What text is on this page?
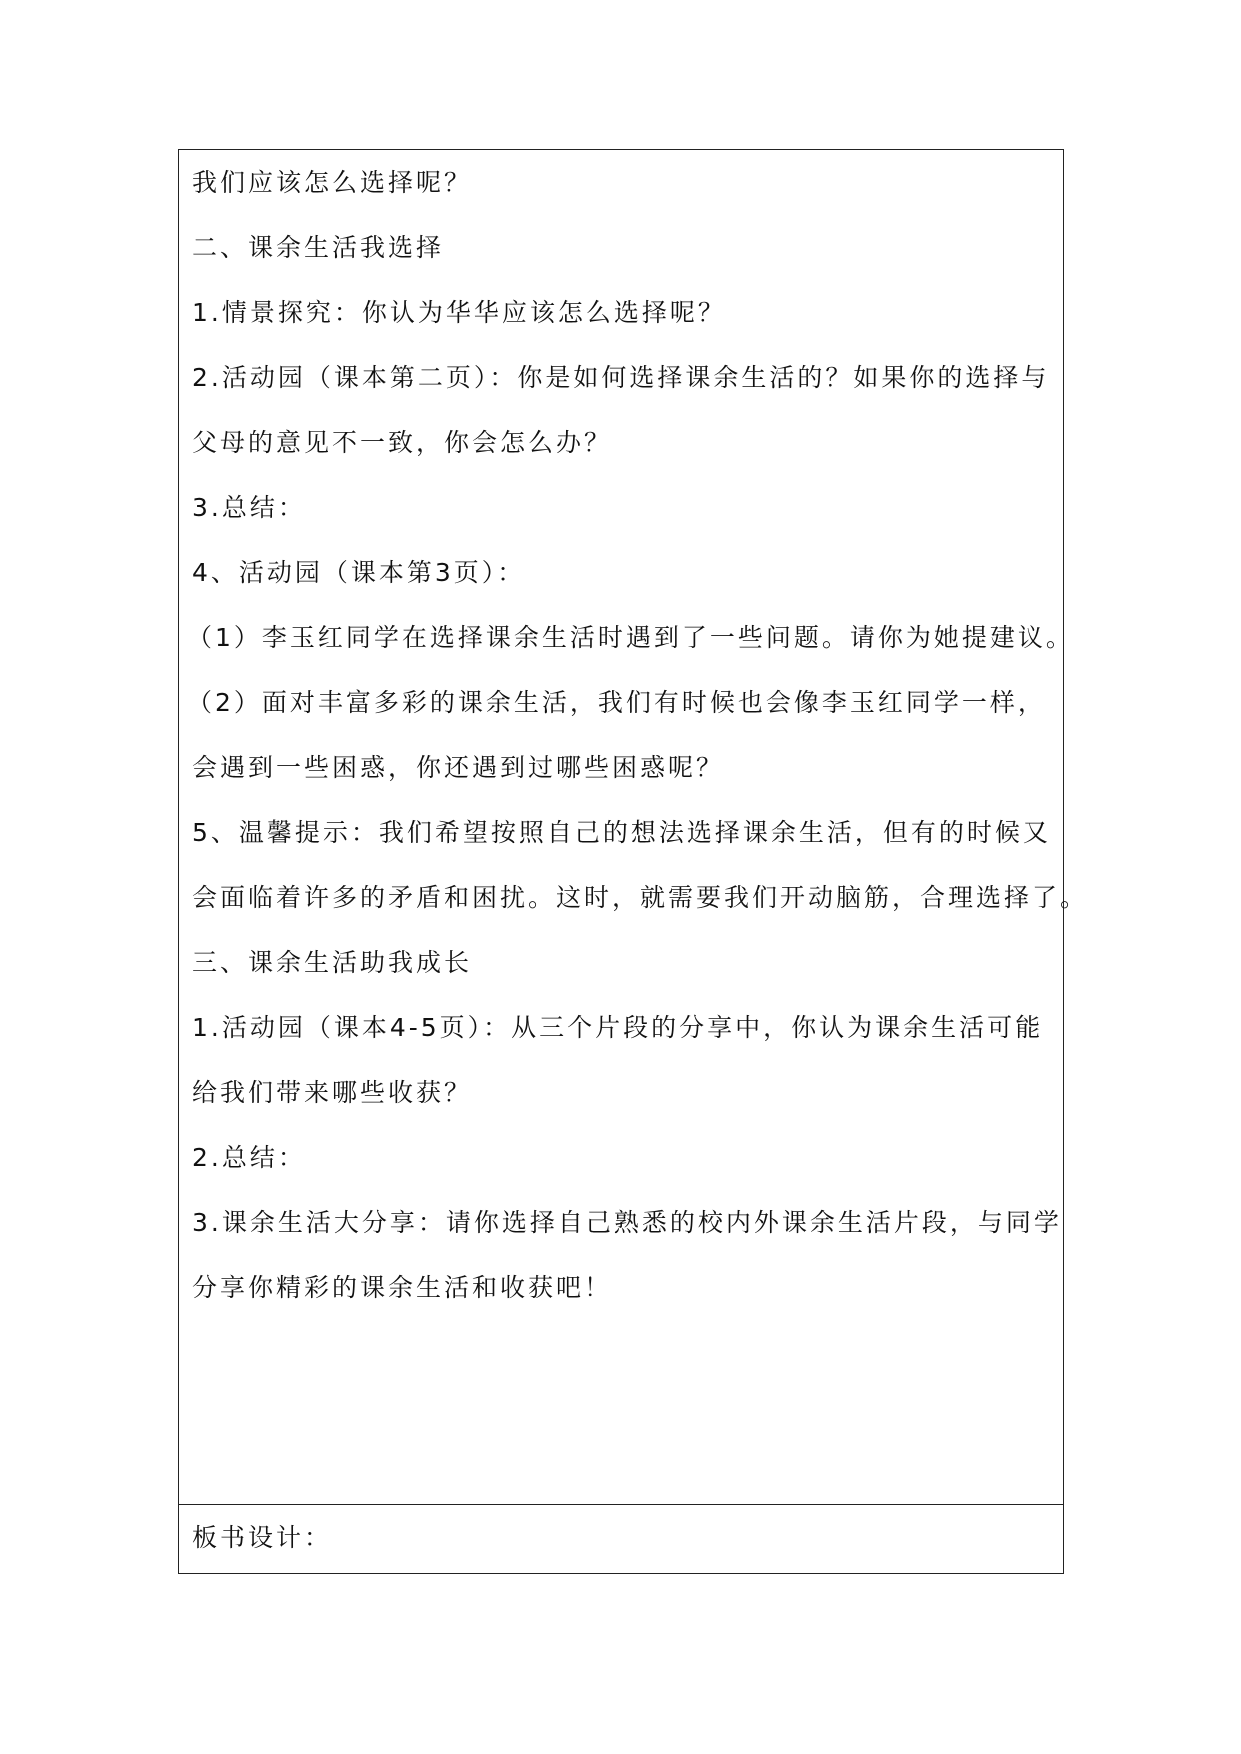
我们应该怎么选择呢？
二、课余生活我选择
1.情景探究：你认为华华应该怎么选择呢？
2.活动园（课本第二页）：你是如何选择课余生活的？如果你的选择与
父母的意见不一致，你会怎么办？
3.总结：
4、活动园（课本第3页）：
（1）李玉红同学在选择课余生活时遇到了一些问题。请你为她提建议。
（2）面对丰富多彩的课余生活，我们有时候也会像李玉红同学一样，
会遇到一些困惑，你还遇到过哪些困惑呢？
5、温馨提示：我们希望按照自己的想法选择课余生活，但有的时候又
会面临着许多的矛盾和困扰。这时，就需要我们开动脑筋，合理选择了。
三、课余生活助我成长
1.活动园（课本4-5页）：从三个片段的分享中，你认为课余生活可能
给我们带来哪些收获？
2.总结：
3.课余生活大分享：请你选择自己熟悉的校内外课余生活片段，与同学
分享你精彩的课余生活和收获吧！
板书设计：
